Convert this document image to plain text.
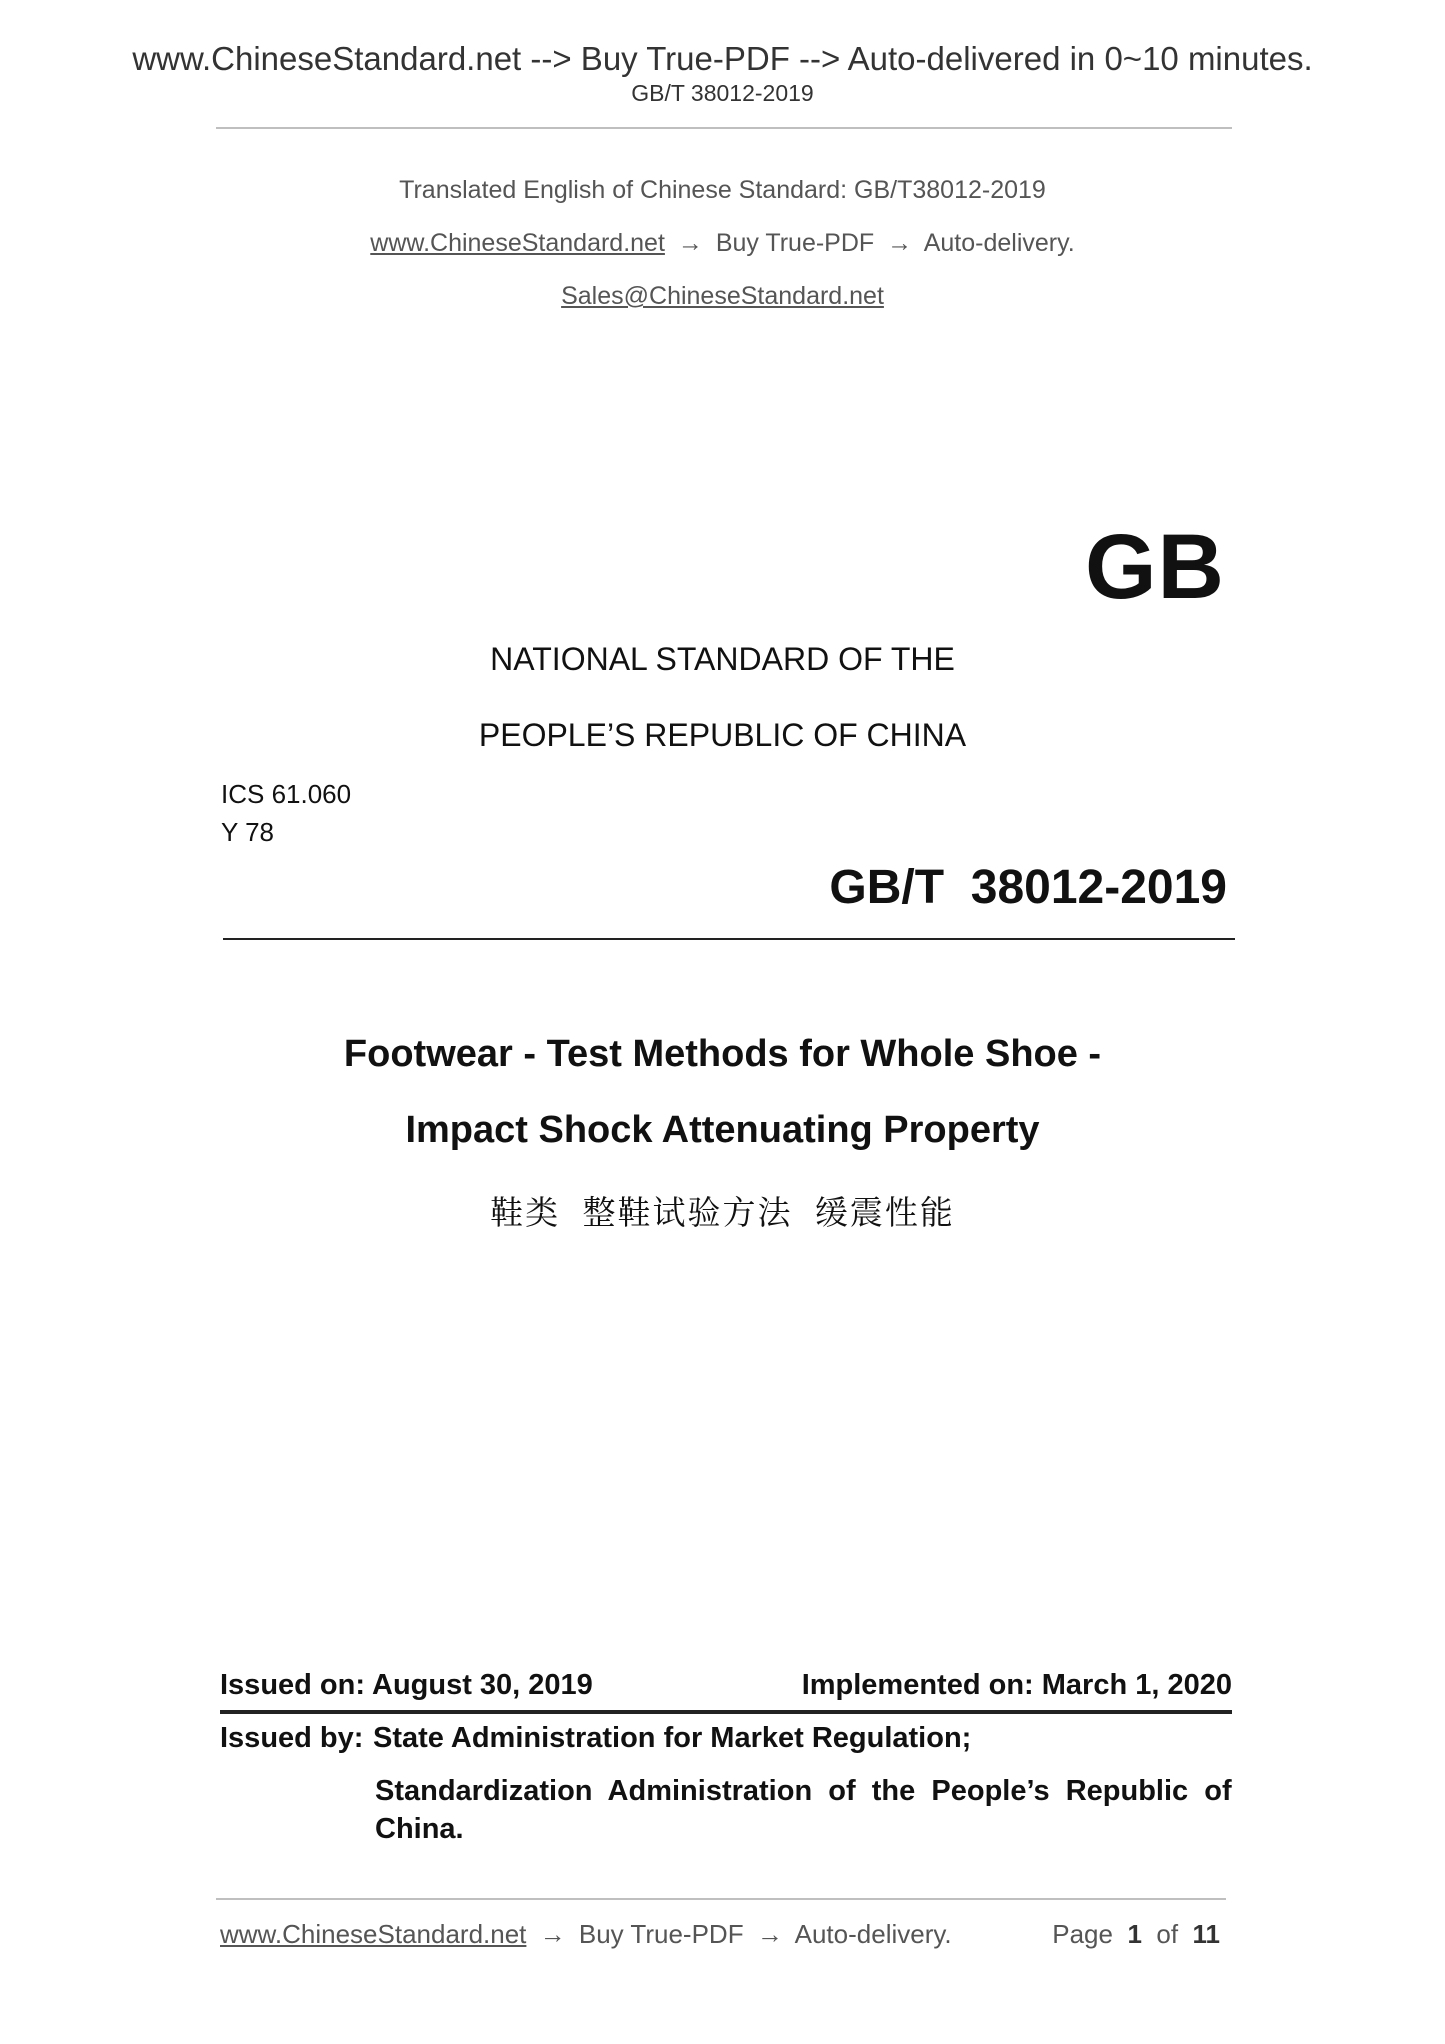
www.ChineseStandard.net --> Buy True-PDF --> Auto-delivered in 0~10 minutes.
GB/T 38012-2019
Translated English of Chinese Standard: GB/T38012-2019
www.ChineseStandard.net → Buy True-PDF → Auto-delivery.
Sales@ChineseStandard.net
GB
NATIONAL STANDARD OF THE
PEOPLE’S REPUBLIC OF CHINA
ICS 61.060
Y 78
GB/T  38012-2019
Footwear - Test Methods for Whole Shoe -
Impact Shock Attenuating Property
鞋类  整鞋试验方法  缓震性能
Issued on: August 30, 2019	Implemented on: March 1, 2020
Issued by: State Administration for Market Regulation;
Standardization  Administration  of  the  People’s  Republic  of
China.
www.ChineseStandard.net → Buy True-PDF → Auto-delivery.	Page 1 of 11
